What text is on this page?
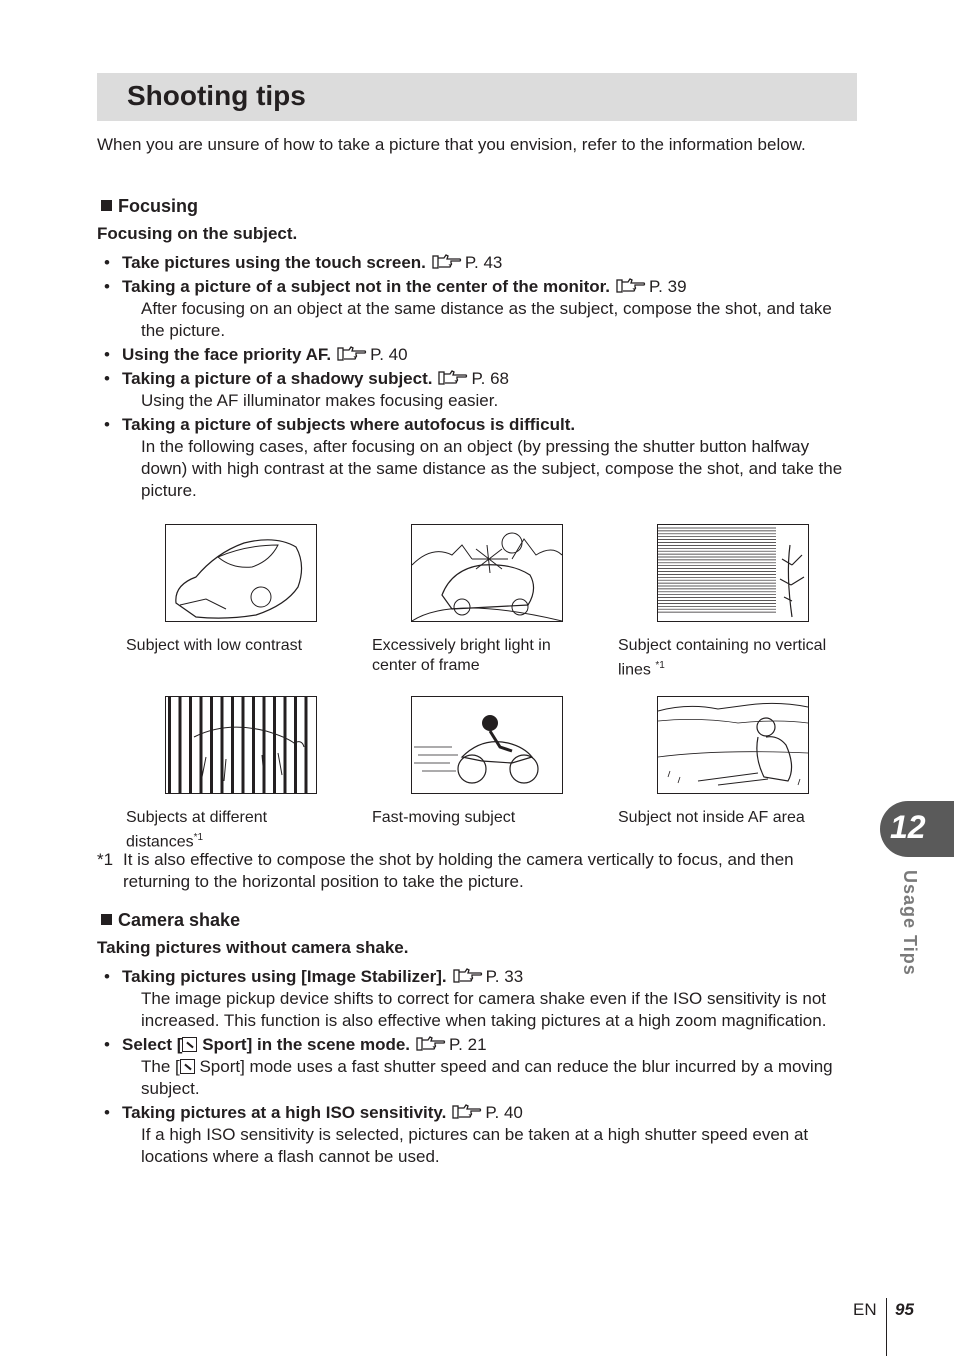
Shooting tips
When you are unsure of how to take a picture that you envision, refer to the information below.
Focusing
Focusing on the subject.
• Take pictures using the touch screen. P. 43
• Taking a picture of a subject not in the center of the monitor. P. 39
After focusing on an object at the same distance as the subject, compose the shot, and take the picture.
• Using the face priority AF. P. 40
• Taking a picture of a shadowy subject. P. 68
Using the AF illuminator makes focusing easier.
• Taking a picture of subjects where autofocus is difficult.
In the following cases, after focusing on an object (by pressing the shutter button halfway down) with high contrast at the same distance as the subject, compose the shot, and take the picture.
Subject with low contrast	Excessively bright light in center of frame
Subject containing no vertical lines $^{*1}$
Subjects at different distances$^{*1}$
Fast-moving subject	Subject not inside AF area
*1 It is also effective to compose the shot by holding the camera vertically to focus, and then returning to the horizontal position to take the picture.
Camera shake
Taking pictures without camera shake.
• Taking pictures using [Image Stabilizer]. P. 33
The image pickup device shifts to correct for camera shake even if the ISO sensitivity is not increased. This function is also effective when taking pictures at a high zoom magnification.
• Select [ Sport] in the scene mode. P. 21
The [ Sport] mode uses a fast shutter speed and can reduce the blur incurred by a moving subject.
• Taking pictures at a high ISO sensitivity. P. 40
If a high ISO sensitivity is selected, pictures can be taken at a high shutter speed even at locations where a flash cannot be used.
12
Usage Tips
EN 95
